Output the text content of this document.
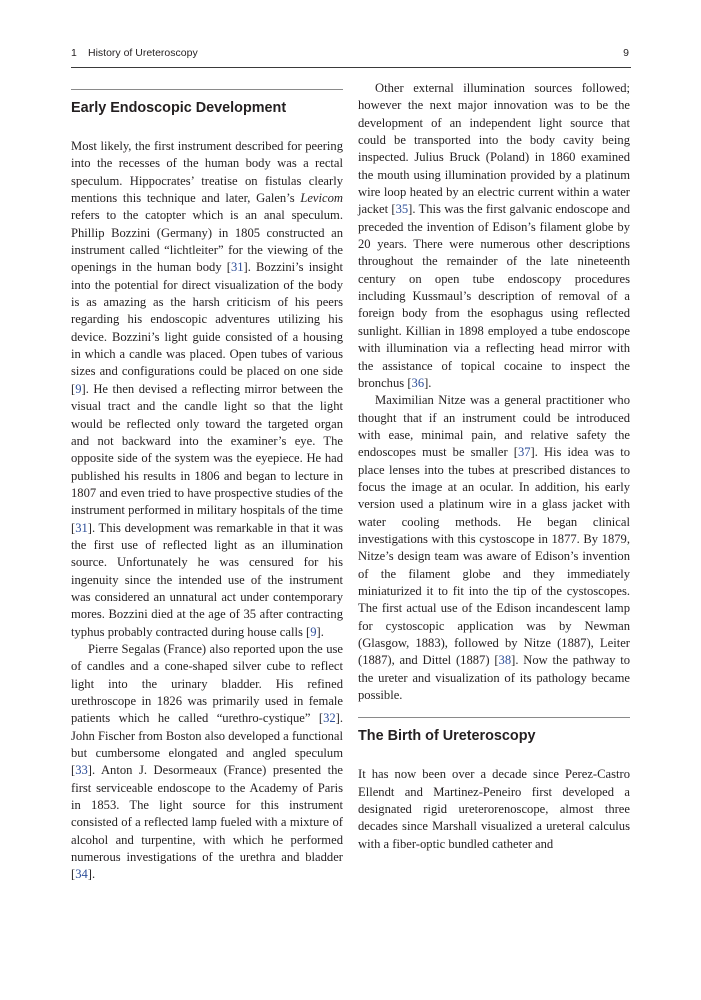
1 History of Ureteroscopy	9
Early Endoscopic Development

Most likely, the first instrument described for peering into the recesses of the human body was a rectal speculum. Hippocrates’ treatise on fistulas clearly mentions this technique and later, Galen’s Levicom refers to the catopter which is an anal speculum. Phillip Bozzini (Germany) in 1805 constructed an instrument called “lichtleiter” for the viewing of the openings in the human body [31]. Bozzini’s insight into the potential for direct visualization of the body is as amazing as the harsh criticism of his peers regarding his endoscopic adventures utilizing his device. Bozzini’s light guide consisted of a housing in which a candle was placed. Open tubes of various sizes and configurations could be placed on one side [9]. He then devised a reflecting mirror between the visual tract and the candle light so that the light would be reflected only toward the targeted organ and not backward into the examiner’s eye. The opposite side of the system was the eyepiece. He had published his results in 1806 and began to lecture in 1807 and even tried to have prospective studies of the instrument performed in military hospitals of the time [31]. This development was remarkable in that it was the first use of reflected light as an illumination source. Unfortunately he was censured for his ingenuity since the intended use of the instrument was considered an unnatural act under contemporary mores. Bozzini died at the age of 35 after contracting typhus probably contracted during house calls [9].

Pierre Segalas (France) also reported upon the use of candles and a cone-shaped silver cube to reflect light into the urinary bladder. His refined urethroscope in 1826 was primarily used in female patients which he called “urethro-cystique” [32]. John Fischer from Boston also developed a functional but cumbersome elongated and angled speculum [33]. Anton J. Desormeaux (France) presented the first serviceable endoscope to the Academy of Paris in 1853. The light source for this instrument consisted of a reflected lamp fueled with a mixture of alcohol and turpentine, with which he performed numerous investigations of the urethra and bladder [34].

Other external illumination sources followed; however the next major innovation was to be the development of an independent light source that could be transported into the body cavity being inspected. Julius Bruck (Poland) in 1860 examined the mouth using illumination provided by a platinum wire loop heated by an electric current within a water jacket [35]. This was the first galvanic endoscope and preceded the invention of Edison’s filament globe by 20 years. There were numerous other descriptions throughout the remainder of the late nineteenth century on open tube endoscopy procedures including Kussmaul’s description of removal of a foreign body from the esophagus using reflected sunlight. Killian in 1898 employed a tube endoscope with illumination via a reflecting head mirror with the assistance of topical cocaine to inspect the bronchus [36].

Maximilian Nitze was a general practitioner who thought that if an instrument could be introduced with ease, minimal pain, and relative safety the endoscopes must be smaller [37]. His idea was to place lenses into the tubes at prescribed distances to focus the image at an ocular. In addition, his early version used a platinum wire in a glass jacket with water cooling methods. He began clinical investigations with this cystoscope in 1877. By 1879, Nitze’s design team was aware of Edison’s invention of the filament globe and they immediately miniaturized it to fit into the tip of the cystoscopes. The first actual use of the Edison incandescent lamp for cystoscopic application was by Newman (Glasgow, 1883), followed by Nitze (1887), Leiter (1887), and Dittel (1887) [38]. Now the pathway to the ureter and visualization of its pathology became possible.

The Birth of Ureteroscopy

It has now been over a decade since Perez-Castro Ellendt and Martinez-Peneiro first developed a designated rigid ureterorenoscope, almost three decades since Marshall visualized a ureteral calculus with a fiber-optic bundled catheter and
